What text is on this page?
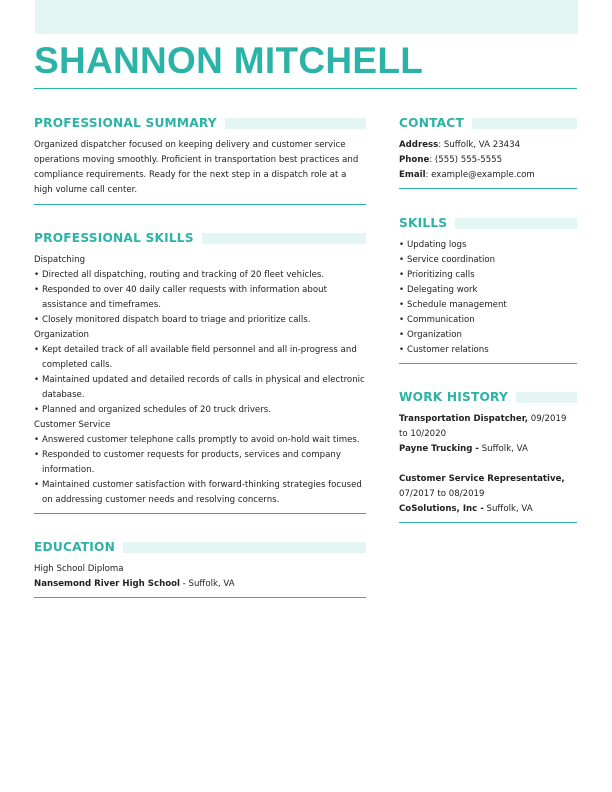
SHANNON MITCHELL
PROFESSIONAL SUMMARY
Organized dispatcher focused on keeping delivery and customer service operations moving smoothly. Proficient in transportation best practices and compliance requirements. Ready for the next step in a dispatch role at a high volume call center.
PROFESSIONAL SKILLS
Dispatching
• Directed all dispatching, routing and tracking of 20 fleet vehicles.
• Responded to over 40 daily caller requests with information about assistance and timeframes.
• Closely monitored dispatch board to triage and prioritize calls.
Organization
• Kept detailed track of all available field personnel and all in-progress and completed calls.
• Maintained updated and detailed records of calls in physical and electronic database.
• Planned and organized schedules of 20 truck drivers.
Customer Service
• Answered customer telephone calls promptly to avoid on-hold wait times.
• Responded to customer requests for products, services and company information.
• Maintained customer satisfaction with forward-thinking strategies focused on addressing customer needs and resolving concerns.
EDUCATION
High School Diploma
Nansemond River High School - Suffolk, VA
CONTACT
Address: Suffolk, VA 23434
Phone: (555) 555-5555
Email: example@example.com
SKILLS
• Updating logs
• Service coordination
• Prioritizing calls
• Delegating work
• Schedule management
• Communication
• Organization
• Customer relations
WORK HISTORY
Transportation Dispatcher, 09/2019 to 10/2020
Payne Trucking - Suffolk, VA
Customer Service Representative, 07/2017 to 08/2019
CoSolutions, Inc - Suffolk, VA
